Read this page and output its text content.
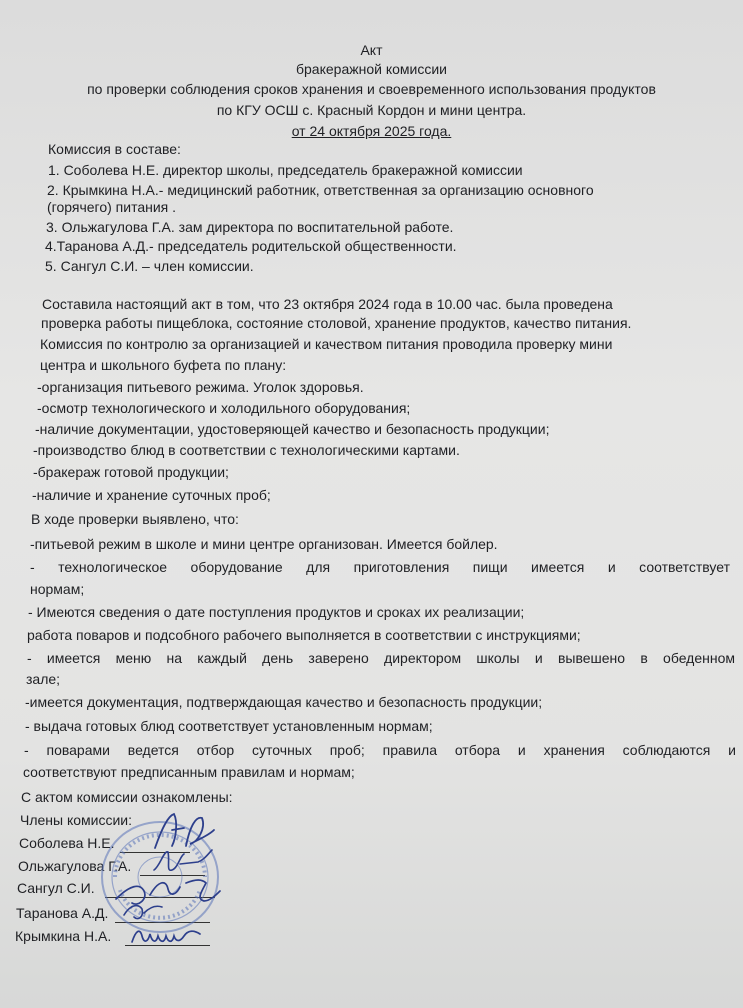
Акт
бракеражной комиссии
по проверки соблюдения сроков хранения и своевременного использования продуктов
по КГУ ОСШ с. Красный Кордон и мини центра.
от 24 октября 2025 года.
Комиссия в составе:
1. Соболева Н.Е. директор школы, председатель бракеражной комиссии
2. Крымкина Н.А.- медицинский работник, ответственная за организацию основного
(горячего) питания .
3. Ольжагулова Г.А. зам директора по воспитательной работе.
4.Таранова А.Д.- председатель родительской общественности.
5. Сангул С.И. – член комиссии.
Составила настоящий акт в том, что 23 октября 2024 года в 10.00 час. была проведена
проверка работы пищеблока, состояние столовой, хранение продуктов, качество питания.
Комиссия по контролю за организацией и качеством питания проводила проверку мини
центра и школьного буфета по плану:
-организация питьевого режима. Уголок здоровья.
-осмотр технологического и холодильного оборудования;
-наличие документации, удостоверяющей качество и безопасность продукции;
-производство блюд в соответствии с технологическими картами.
-бракераж готовой продукции;
-наличие и хранение суточных проб;
В ходе проверки выявлено, что:
-питьевой режим в школе и мини центре организован. Имеется бойлер.
- технологическое оборудование для приготовления пищи имеется и соответствует
нормам;
- Имеются сведения о дате поступления продуктов и сроках их реализации;
работа поваров и подсобного рабочего выполняется в соответствии с инструкциями;
- имеется меню на каждый день заверено директором школы и вывешено в обеденном
зале;
-имеется документация, подтверждающая качество и безопасность продукции;
- выдача готовых блюд соответствует установленным нормам;
- поварами ведется отбор суточных проб; правила отбора и хранения соблюдаются и
соответствуют предписанным правилам и нормам;
С актом комиссии ознакомлены:
Члены комиссии:
Соболева Н.Е.
Ольжагулова Г.А.
Сангул С.И.
Таранова А.Д.
Крымкина Н.А.
